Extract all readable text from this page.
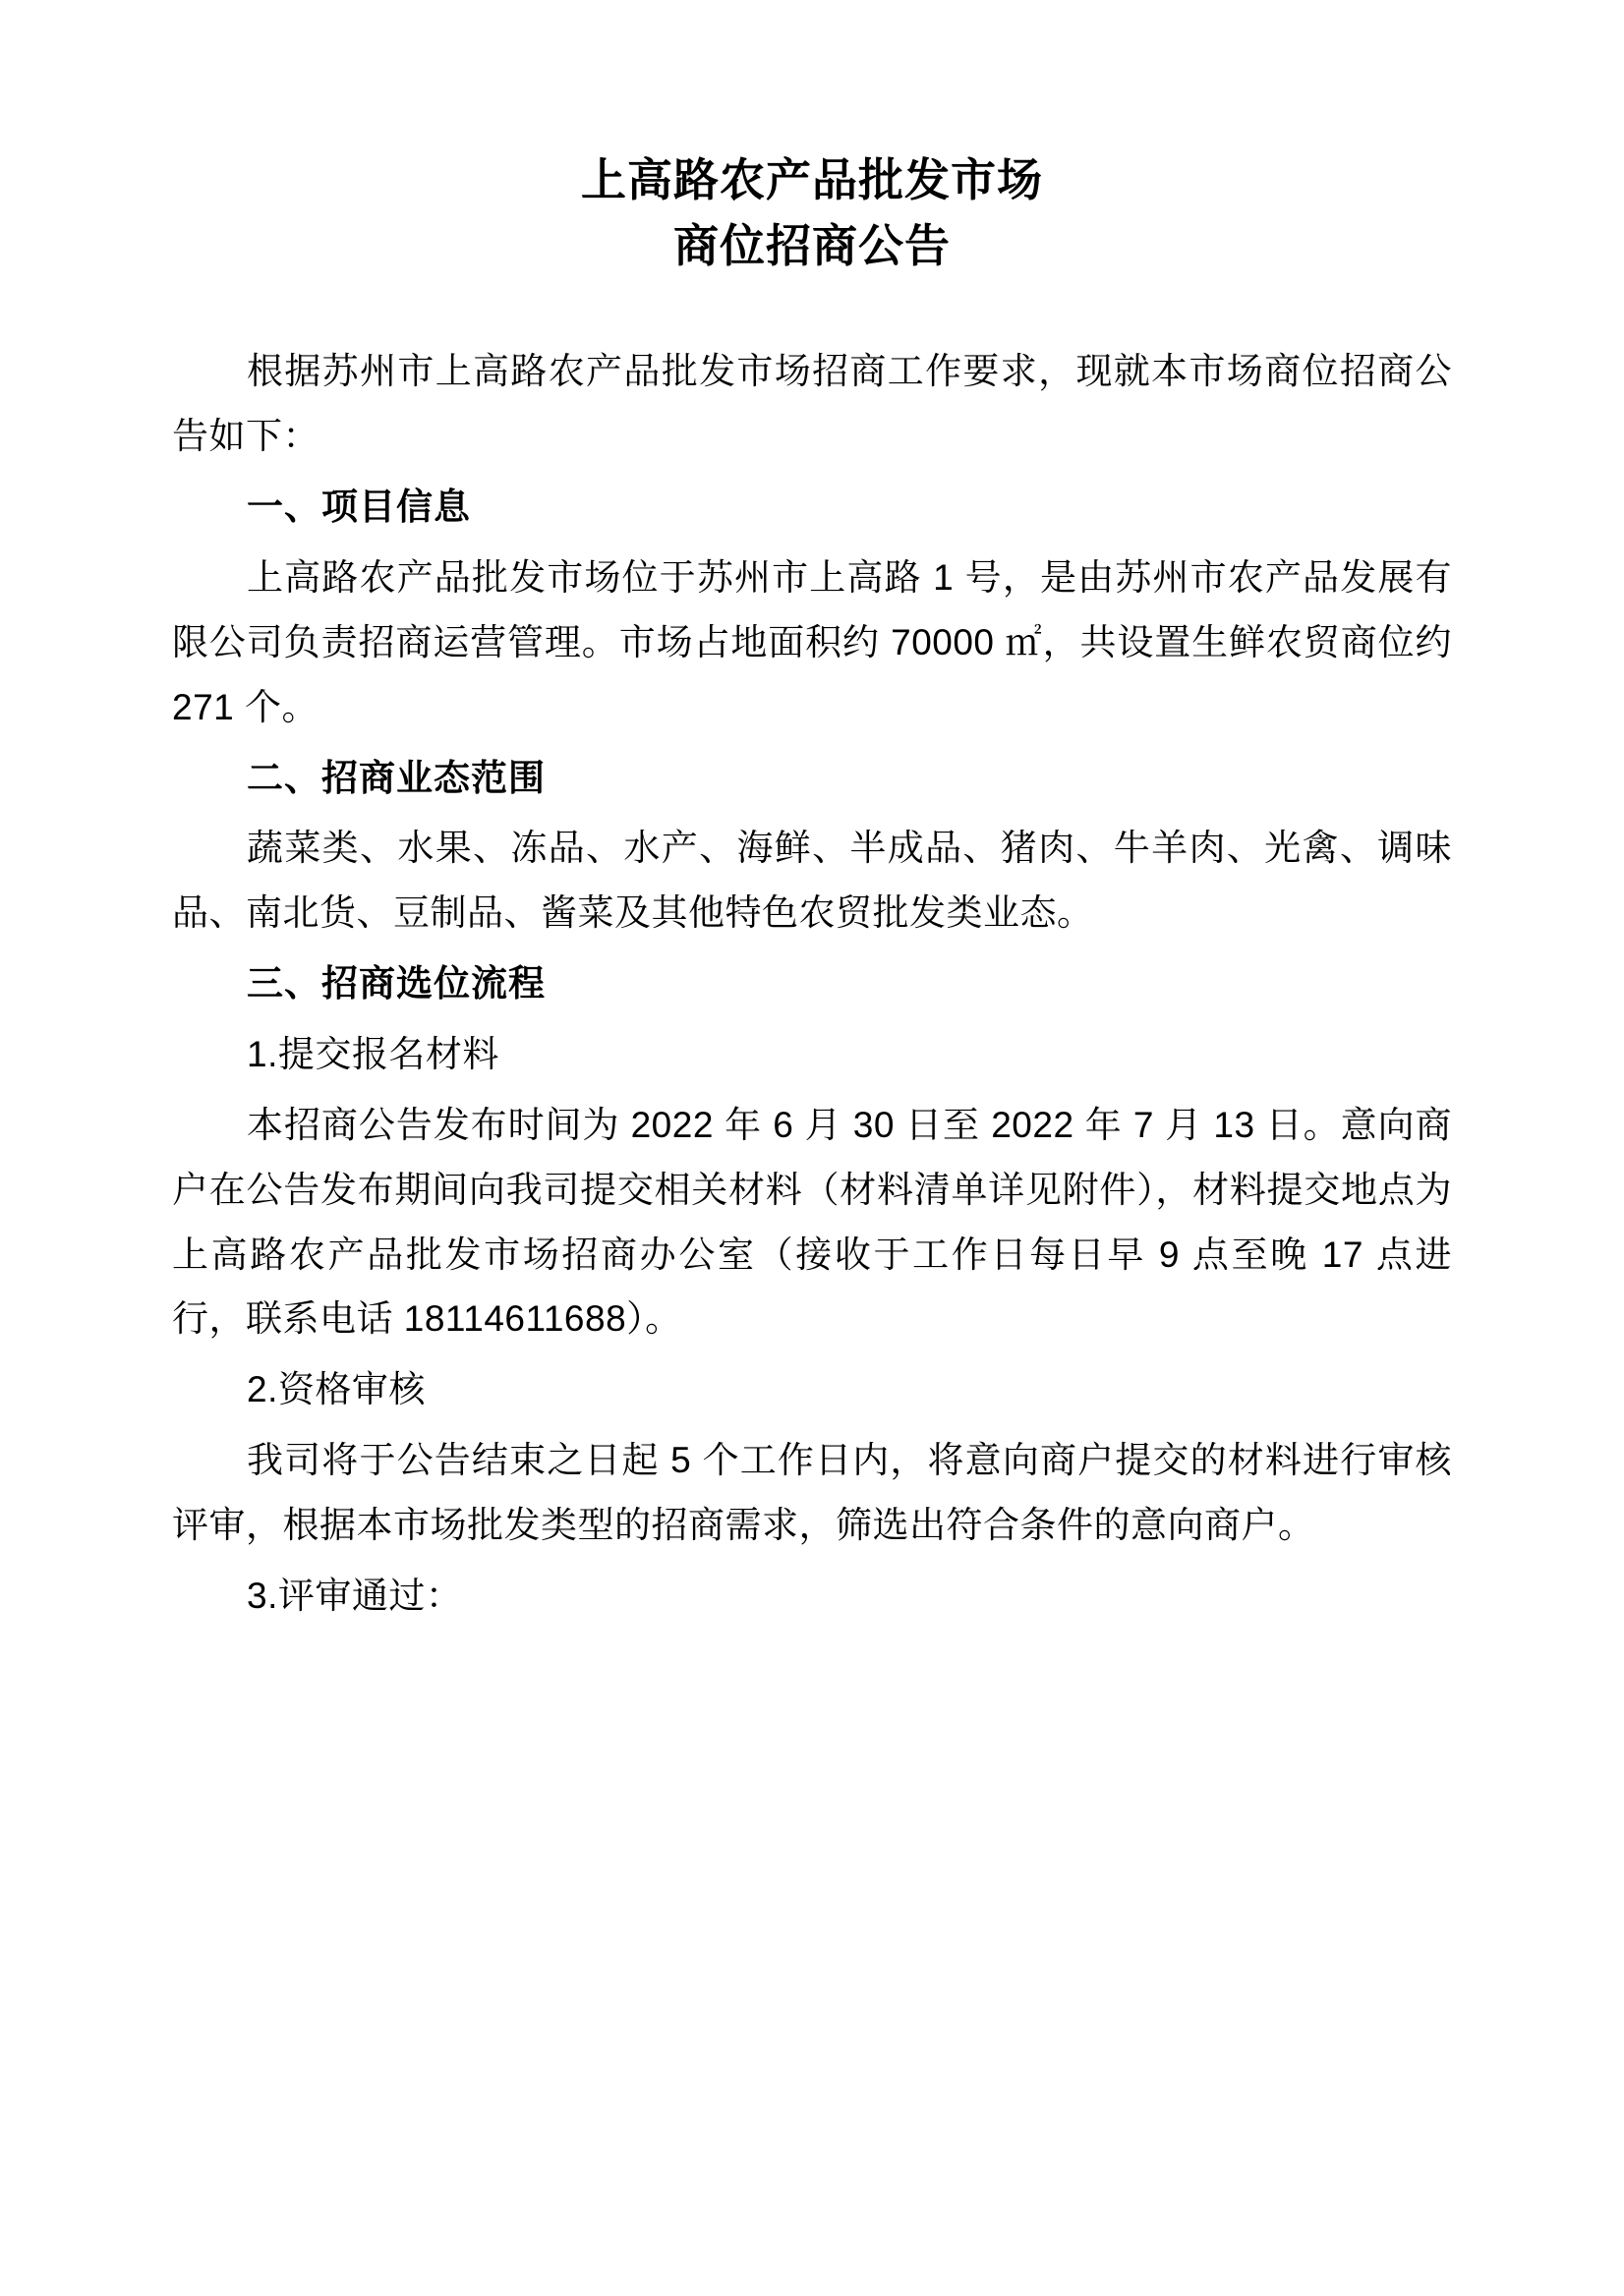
上高路农产品批发市场
商位招商公告

根据苏州市上高路农产品批发市场招商工作要求，现就本市场商位招商公告如下：

一、项目信息

上高路农产品批发市场位于苏州市上高路 1 号，是由苏州市农产品发展有限公司负责招商运营管理。市场占地面积约 70000 ㎡，共设置生鲜农贸商位约 271 个。

二、招商业态范围

蔬菜类、水果、冻品、水产、海鲜、半成品、猪肉、牛羊肉、光禽、调味品、南北货、豆制品、酱菜及其他特色农贸批发类业态。

三、招商选位流程

1.提交报名材料

本招商公告发布时间为 2022 年 6 月 30 日至 2022 年 7 月 13 日。意向商户在公告发布期间向我司提交相关材料（材料清单详见附件），材料提交地点为上高路农产品批发市场招商办公室（接收于工作日每日早 9 点至晚 17 点进行，联系电话 18114611688）。

2.资格审核

我司将于公告结束之日起 5 个工作日内，将意向商户提交的材料进行审核评审，根据本市场批发类型的招商需求，筛选出符合条件的意向商户。

3.评审通过：
